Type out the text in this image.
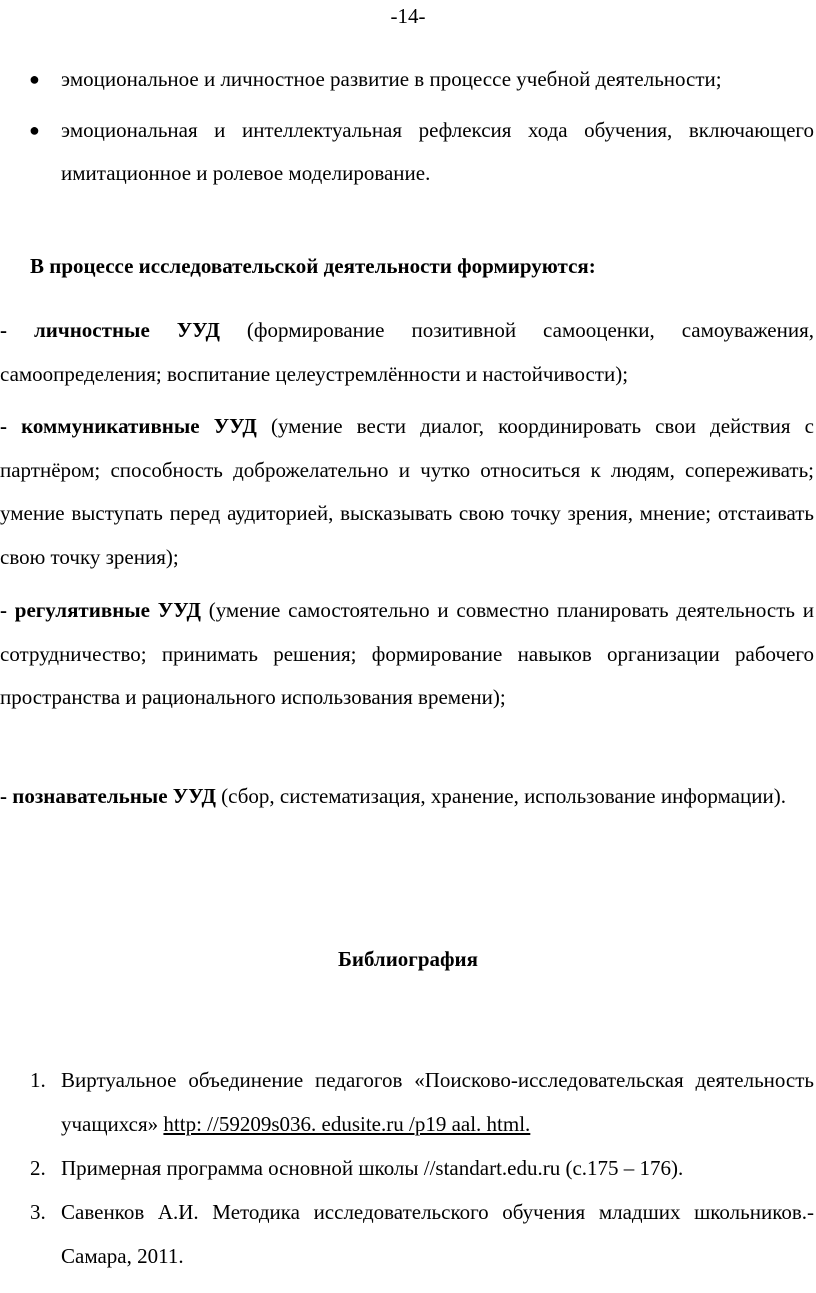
-14-
● эмоциональное и личностное развитие в процессе учебной деятельности;
● эмоциональная и интеллектуальная рефлексия хода обучения, включающего имитационное и ролевое моделирование.
В процессе исследовательской деятельности формируются:
- личностные УУД (формирование позитивной самооценки, самоуважения, самоопределения; воспитание целеустремлённости и настойчивости);
- коммуникативные УУД (умение вести диалог, координировать свои действия с партнёром; способность доброжелательно и чутко относиться к людям, сопереживать; умение выступать перед аудиторией, высказывать свою точку зрения, мнение; отстаивать свою точку зрения);
- регулятивные УУД (умение самостоятельно и совместно планировать деятельность и сотрудничество; принимать решения; формирование навыков организации рабочего пространства и рационального использования времени);
- познавательные УУД (сбор, систематизация, хранение, использование информации).
Библиография
1. Виртуальное объединение педагогов «Поисково-исследовательская деятельность учащихся» http: //59209s036. edusite.ru /p19 aal. html.
2. Примерная программа основной школы //standart.edu.ru (с.175 – 176).
3. Савенков А.И. Методика исследовательского обучения младших школьников.- Самара, 2011.
